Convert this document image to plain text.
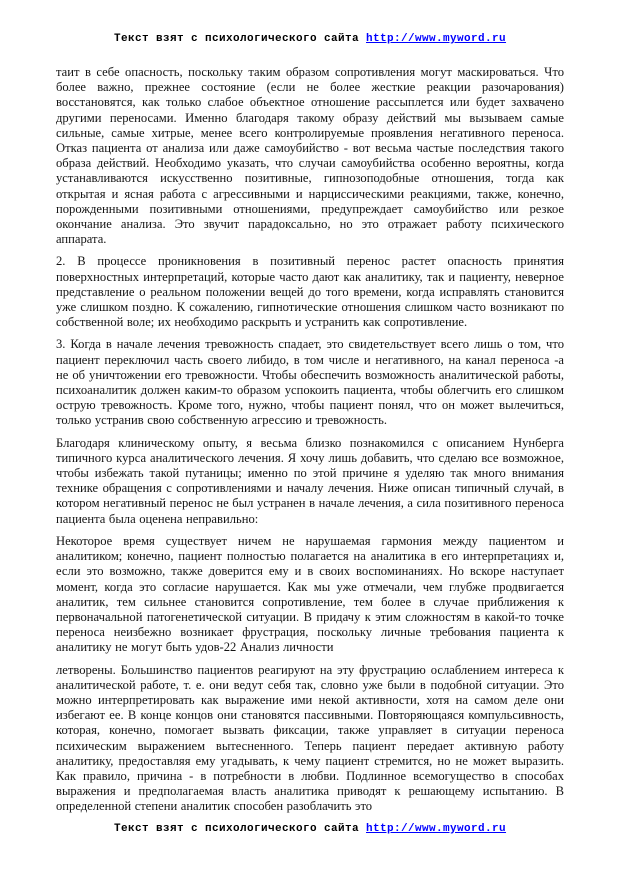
Текст взят с психологического сайта http://www.myword.ru

таит в себе опасность, поскольку таким образом сопротивления могут маскироваться. Что более важно, прежнее состояние (если не более жесткие реакции разочарования) восстановятся, как только слабое объектное отношение рассыплется или будет захвачено другими переносами. Именно благодаря такому образу действий мы вызываем самые сильные, самые хитрые, менее всего контролируемые проявления негативного переноса. Отказ пациента от анализа или даже самоубийство - вот весьма частые последствия такого образа действий. Необходимо указать, что случаи самоубийства особенно вероятны, когда устанавливаются искусственно позитивные, гипнозоподобные отношения, тогда как открытая и ясная работа с агрессивными и нарциссическими реакциями, также, конечно, порожденными позитивными отношениями, предупреждает самоубийство или резкое окончание анализа. Это звучит парадоксально, но это отражает работу психического аппарата.

2. В процессе проникновения в позитивный перенос растет опасность принятия поверхностных интерпретаций, которые часто дают как аналитику, так и пациенту, неверное представление о реальном положении вещей до того времени, когда исправлять становится уже слишком поздно. К сожалению, гипнотические отношения слишком часто возникают по собственной воле; их необходимо раскрыть и устранить как сопротивление.

3. Когда в начале лечения тревожность спадает, это свидетельствует всего лишь о том, что пациент переключил часть своего либидо, в том числе и негативного, на канал переноса -а не об уничтожении его тревожности. Чтобы обеспечить возможность аналитической работы, психоаналитик должен каким-то образом успокоить пациента, чтобы облегчить его слишком острую тревожность. Кроме того, нужно, чтобы пациент понял, что он может вылечиться, только устранив свою собственную агрессию и тревожность.

Благодаря клиническому опыту, я весьма близко познакомился с описанием Нунберга типичного курса аналитического лечения. Я хочу лишь добавить, что сделаю все возможное, чтобы избежать такой путаницы; именно по этой причине я уделяю так много внимания технике обращения с сопротивлениями и началу лечения. Ниже описан типичный случай, в котором негативный перенос не был устранен в начале лечения, а сила позитивного переноса пациента была оценена неправильно:

Некоторое время существует ничем не нарушаемая гармония между пациентом и аналитиком; конечно, пациент полностью полагается на аналитика в его интерпретациях и, если это возможно, также доверится ему и в своих воспоминаниях. Но вскоре наступает момент, когда это согласие нарушается. Как мы уже отмечали, чем глубже продвигается аналитик, тем сильнее становится сопротивление, тем более в случае приближения к первоначальной патогенетической ситуации. В придачу к этим сложностям в какой-то точке переноса неизбежно возникает фрустрация, поскольку личные требования пациента к аналитику не могут быть удов-22 Анализ личности

летворены. Большинство пациентов реагируют на эту фрустрацию ослаблением интереса к аналитической работе, т. е. они ведут себя так, словно уже были в подобной ситуации. Это можно интерпретировать как выражение ими некой активности, хотя на самом деле они избегают ее. В конце концов они становятся пассивными. Повторяющаяся компульсивность, которая, конечно, помогает вызвать фиксации, также управляет в ситуации переноса психическим выражением вытесненного. Теперь пациент передает активную работу аналитику, предоставляя ему угадывать, к чему пациент стремится, но не может выразить. Как правило, причина - в потребности в любви. Подлинное всемогущество в способах выражения и предполагаемая власть аналитика приводят к решающему испытанию. В определенной степени аналитик способен разоблачить это

Текст взят с психологического сайта http://www.myword.ru
